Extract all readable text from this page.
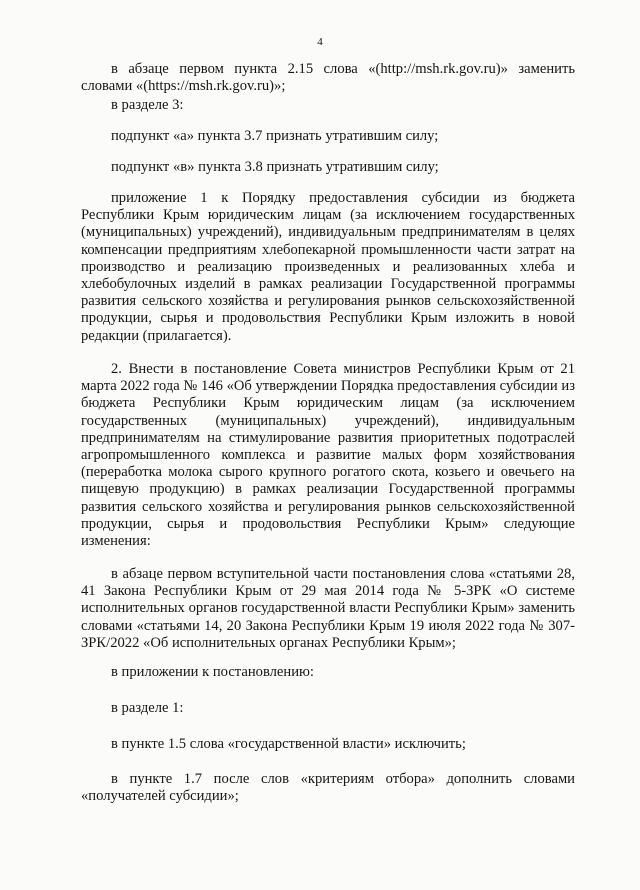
4

в абзаце первом пункта 2.15 слова «(http://msh.rk.gov.ru)» заменить словами «(https://msh.rk.gov.ru)»;

в разделе 3:

подпункт «а» пункта 3.7 признать утратившим силу;

подпункт «в» пункта 3.8 признать утратившим силу;

приложение 1 к Порядку предоставления субсидии из бюджета Республики Крым юридическим лицам (за исключением государственных (муниципальных) учреждений), индивидуальным предпринимателям в целях компенсации предприятиям хлебопекарной промышленности части затрат на производство и реализацию произведенных и реализованных хлеба и хлебобулочных изделий в рамках реализации Государственной программы развития сельского хозяйства и регулирования рынков сельскохозяйственной продукции, сырья и продовольствия Республики Крым изложить в новой редакции (прилагается).

2. Внести в постановление Совета министров Республики Крым от 21 марта 2022 года № 146 «Об утверждении Порядка предоставления субсидии из бюджета Республики Крым юридическим лицам (за исключением государственных (муниципальных) учреждений), индивидуальным предпринимателям на стимулирование развития приоритетных подотраслей агропромышленного комплекса и развитие малых форм хозяйствования (переработка молока сырого крупного рогатого скота, козьего и овечьего на пищевую продукцию) в рамках реализации Государственной программы развития сельского хозяйства и регулирования рынков сельскохозяйственной продукции, сырья и продовольствия Республики Крым» следующие изменения:

в абзаце первом вступительной части постановления слова «статьями 28, 41 Закона Республики Крым от 29 мая 2014 года № 5-ЗРК «О системе исполнительных органов государственной власти Республики Крым» заменить словами «статьями 14, 20 Закона Республики Крым 19 июля 2022 года № 307-ЗРК/2022 «Об исполнительных органах Республики Крым»;

в приложении к постановлению:

в разделе 1:

в пункте 1.5 слова «государственной власти» исключить;

в пункте 1.7 после слов «критериям отбора» дополнить словами «получателей субсидии»;
